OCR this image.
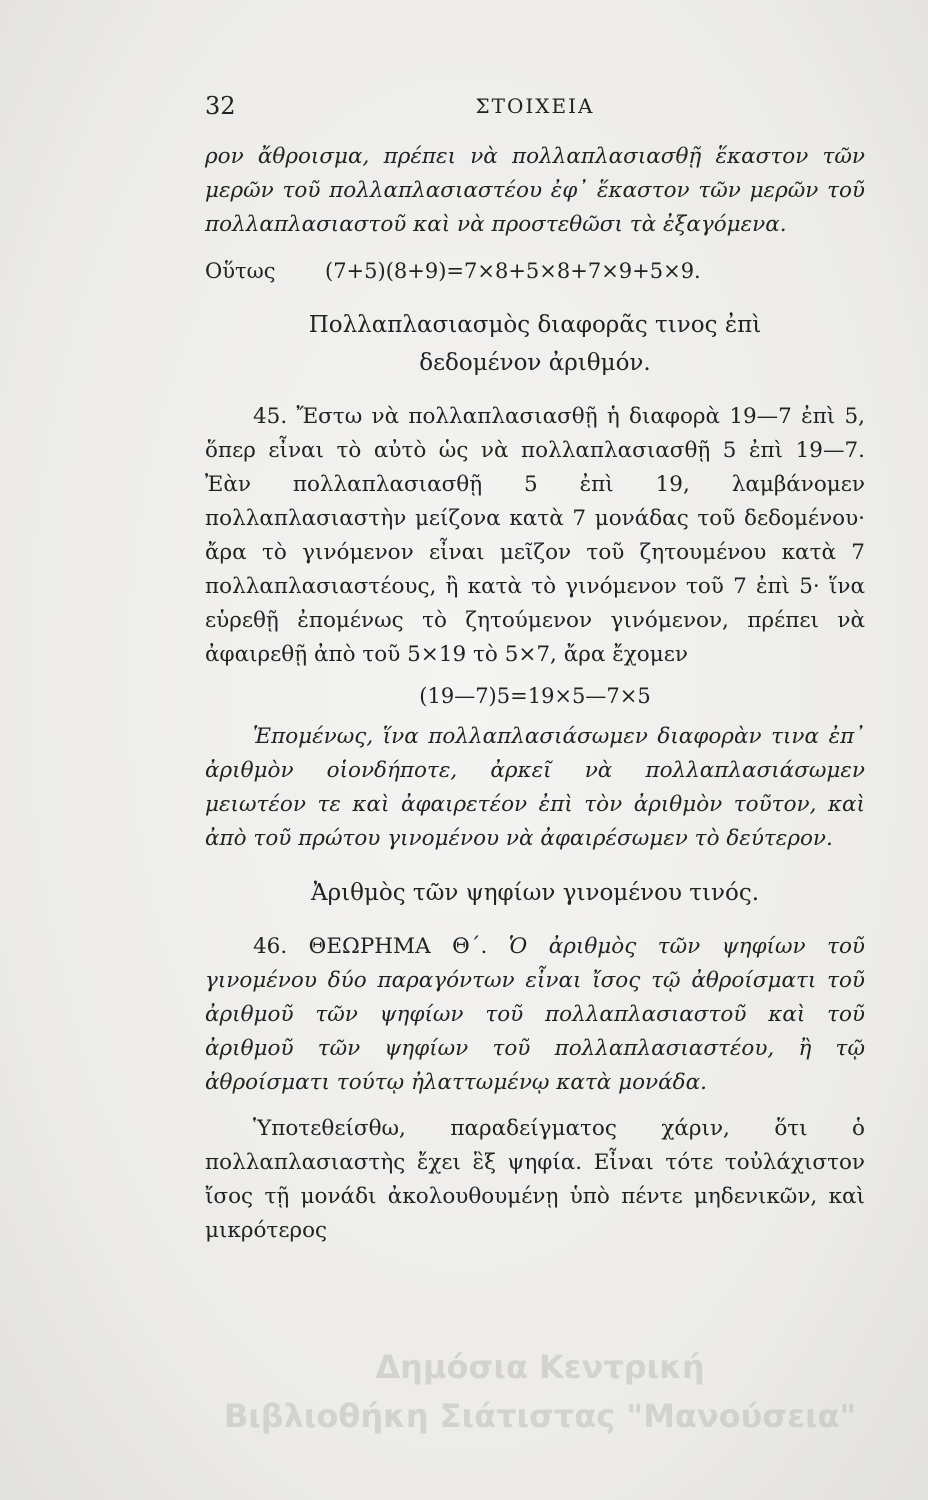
32	ΣΤΟΙΧΕΙΑ

ρον ἄθροισμα, πρέπει νὰ πολλαπλασιασθῇ ἕκαστον τῶν μερῶν τοῦ πολλαπλασιαστέου ἐφ᾽ ἕκαστον τῶν μερῶν τοῦ πολλαπλασιαστοῦ καὶ νὰ προστεθῶσι τὰ ἐξαγόμενα.

Οὕτως (7+5)(8+9)=7×8+5×8+7×9+5×9.

Πολλαπλασιασμὸς διαφορᾶς τινος ἐπὶ

δεδομένον ἀριθμόν.

45. Ἔστω νὰ πολλαπλασιασθῇ ἡ διαφορὰ 19—7 ἐπὶ 5, ὅπερ εἶναι τὸ αὐτὸ ὡς νὰ πολλαπλασιασθῇ 5 ἐπὶ 19—7. Ἐὰν πολλαπλασιασθῇ 5 ἐπὶ 19, λαμβάνομεν πολλαπλασιαστὴν μείζονα κατὰ 7 μονάδας τοῦ δεδομένου· ἄρα τὸ γινόμενον εἶναι μεῖζον τοῦ ζητουμένου κατὰ 7 πολλαπλασιαστέους, ἢ κατὰ τὸ γινόμενον τοῦ 7 ἐπὶ 5· ἵνα εὑρεθῇ ἐπομένως τὸ ζητούμενον γινόμενον, πρέπει νὰ ἀφαιρεθῇ ἀπὸ τοῦ 5×19 τὸ 5×7, ἄρα ἔχομεν

(19—7)5=19×5—7×5

Ἑπομένως, ἵνα πολλαπλασιάσωμεν διαφορὰν τινα ἐπ᾽ ἀριθμὸν οἱονδήποτε, ἀρκεῖ νὰ πολλαπλασιάσωμεν μειωτέον τε καὶ ἀφαιρετέον ἐπὶ τὸν ἀριθμὸν τοῦτον, καὶ ἀπὸ τοῦ πρώτου γινομένου νὰ ἀφαιρέσωμεν τὸ δεύτερον.

Ἀριθμὸς τῶν ψηφίων γινομένου τινός.

46. ΘΕΩΡΗΜΑ Θ΄. Ὁ ἀριθμὸς τῶν ψηφίων τοῦ γινομένου δύο παραγόντων εἶναι ἴσος τῷ ἀθροίσματι τοῦ ἀριθμοῦ τῶν ψηφίων τοῦ πολλαπλασιαστοῦ καὶ τοῦ ἀριθμοῦ τῶν ψηφίων τοῦ πολλαπλασιαστέου, ἢ τῷ ἀθροίσματι τούτῳ ἠλαττωμένῳ κατὰ μονάδα.

Ὑποτεθείσθω, παραδείγματος χάριν, ὅτι ὁ πολλαπλασιαστὴς ἔχει ἓξ ψηφία. Εἶναι τότε τοὐλάχιστον ἴσος τῇ μονάδι ἀκολουθουμένῃ ὑπὸ πέντε μηδενικῶν, καὶ μικρότερος

Δημόσια Κεντρική
Βιβλιοθήκη Σιάτιστας "Μανούσεια"
